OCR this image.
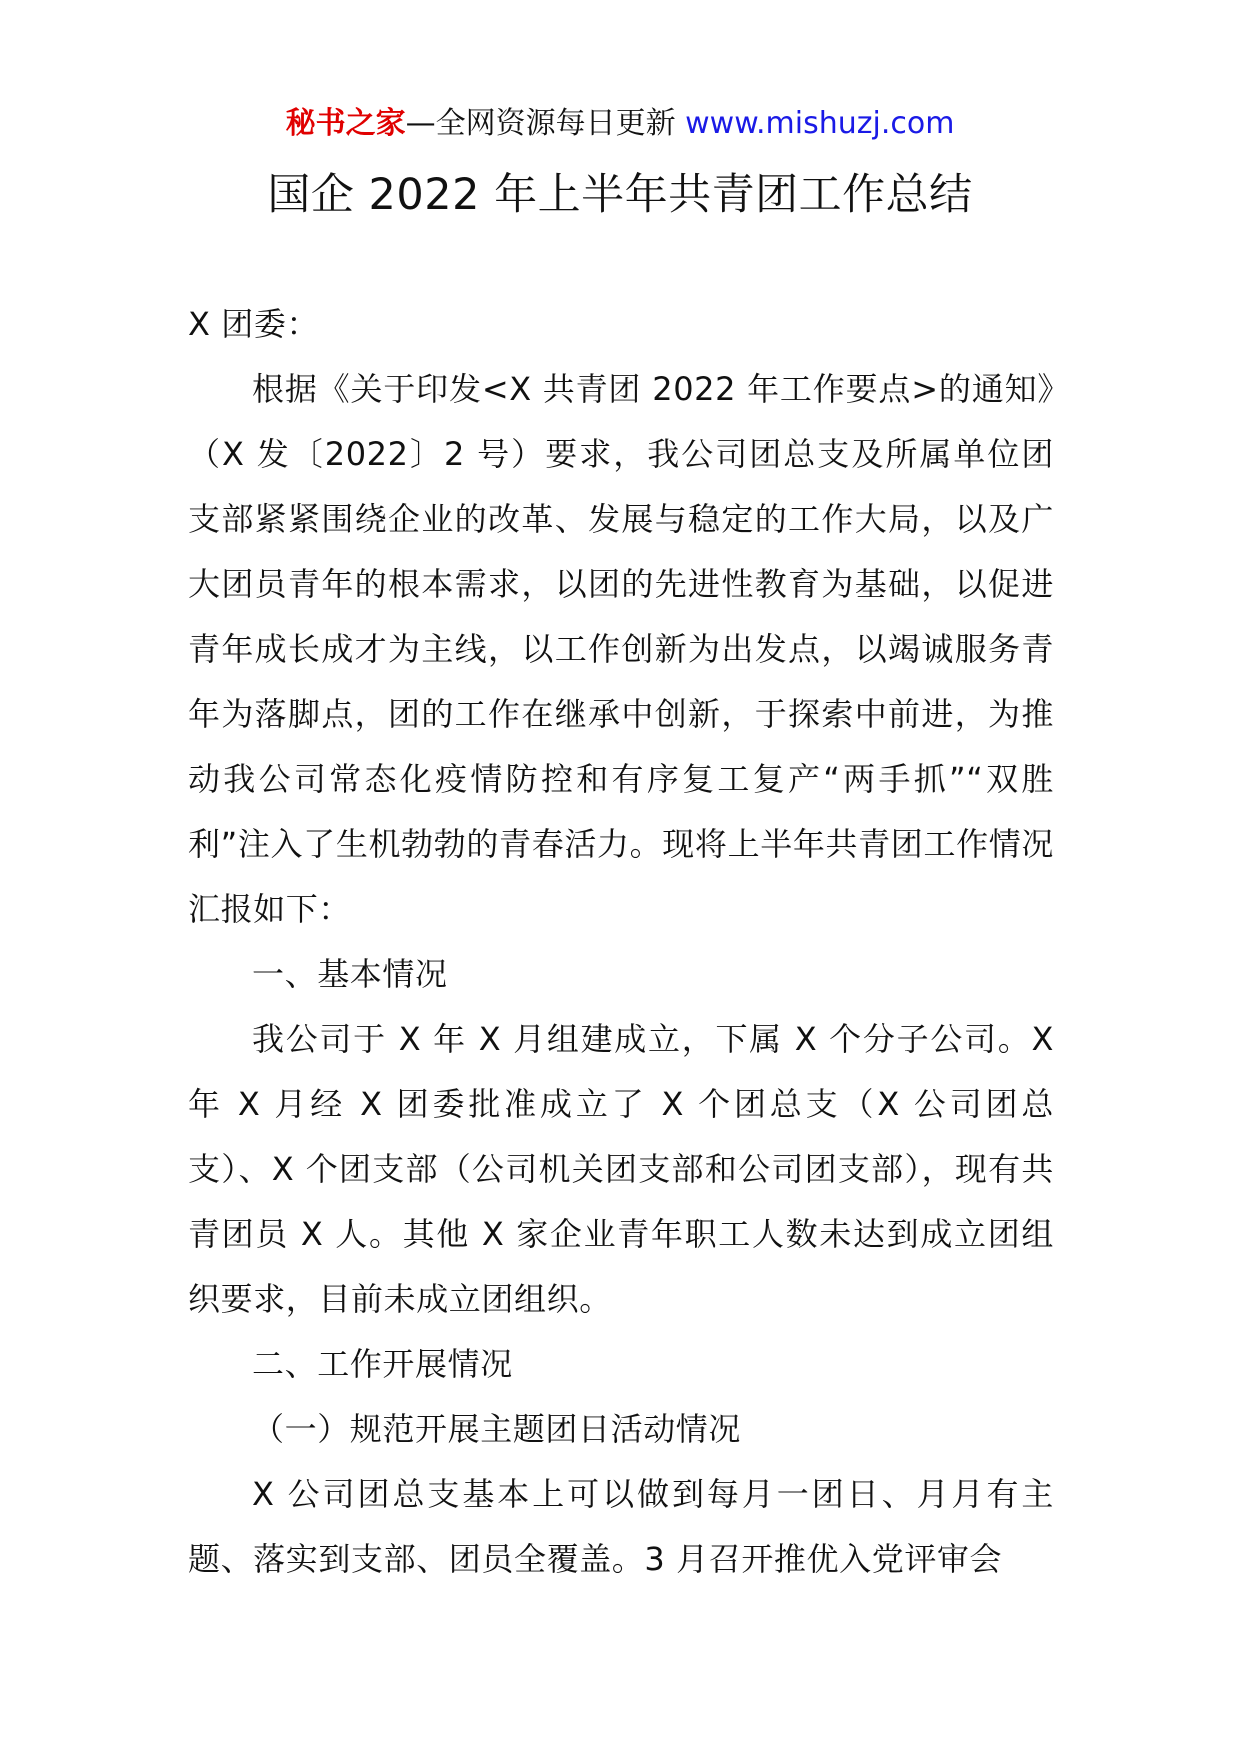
秘书之家—全网资源每日更新 www.mishuzj.com
国企 2022 年上半年共青团工作总结

X 团委：

根据《关于印发<X 共青团 2022 年工作要点>的通知》（X 发〔2022〕2 号）要求，我公司团总支及所属单位团支部紧紧围绕企业的改革、发展与稳定的工作大局，以及广大团员青年的根本需求，以团的先进性教育为基础，以促进青年成长成才为主线，以工作创新为出发点，以竭诚服务青年为落脚点，团的工作在继承中创新，于探索中前进，为推动我公司常态化疫情防控和有序复工复产“两手抓”“双胜利”注入了生机勃勃的青春活力。现将上半年共青团工作情况汇报如下：

一、基本情况

我公司于 X 年 X 月组建成立，下属 X 个分子公司。X 年 X 月经 X 团委批准成立了 X 个团总支（X 公司团总支）、X 个团支部（公司机关团支部和公司团支部），现有共青团员 X 人。其他 X 家企业青年职工人数未达到成立团组织要求，目前未成立团组织。

二、工作开展情况

（一）规范开展主题团日活动情况

X 公司团总支基本上可以做到每月一团日、月月有主题、落实到支部、团员全覆盖。3 月召开推优入党评审会
